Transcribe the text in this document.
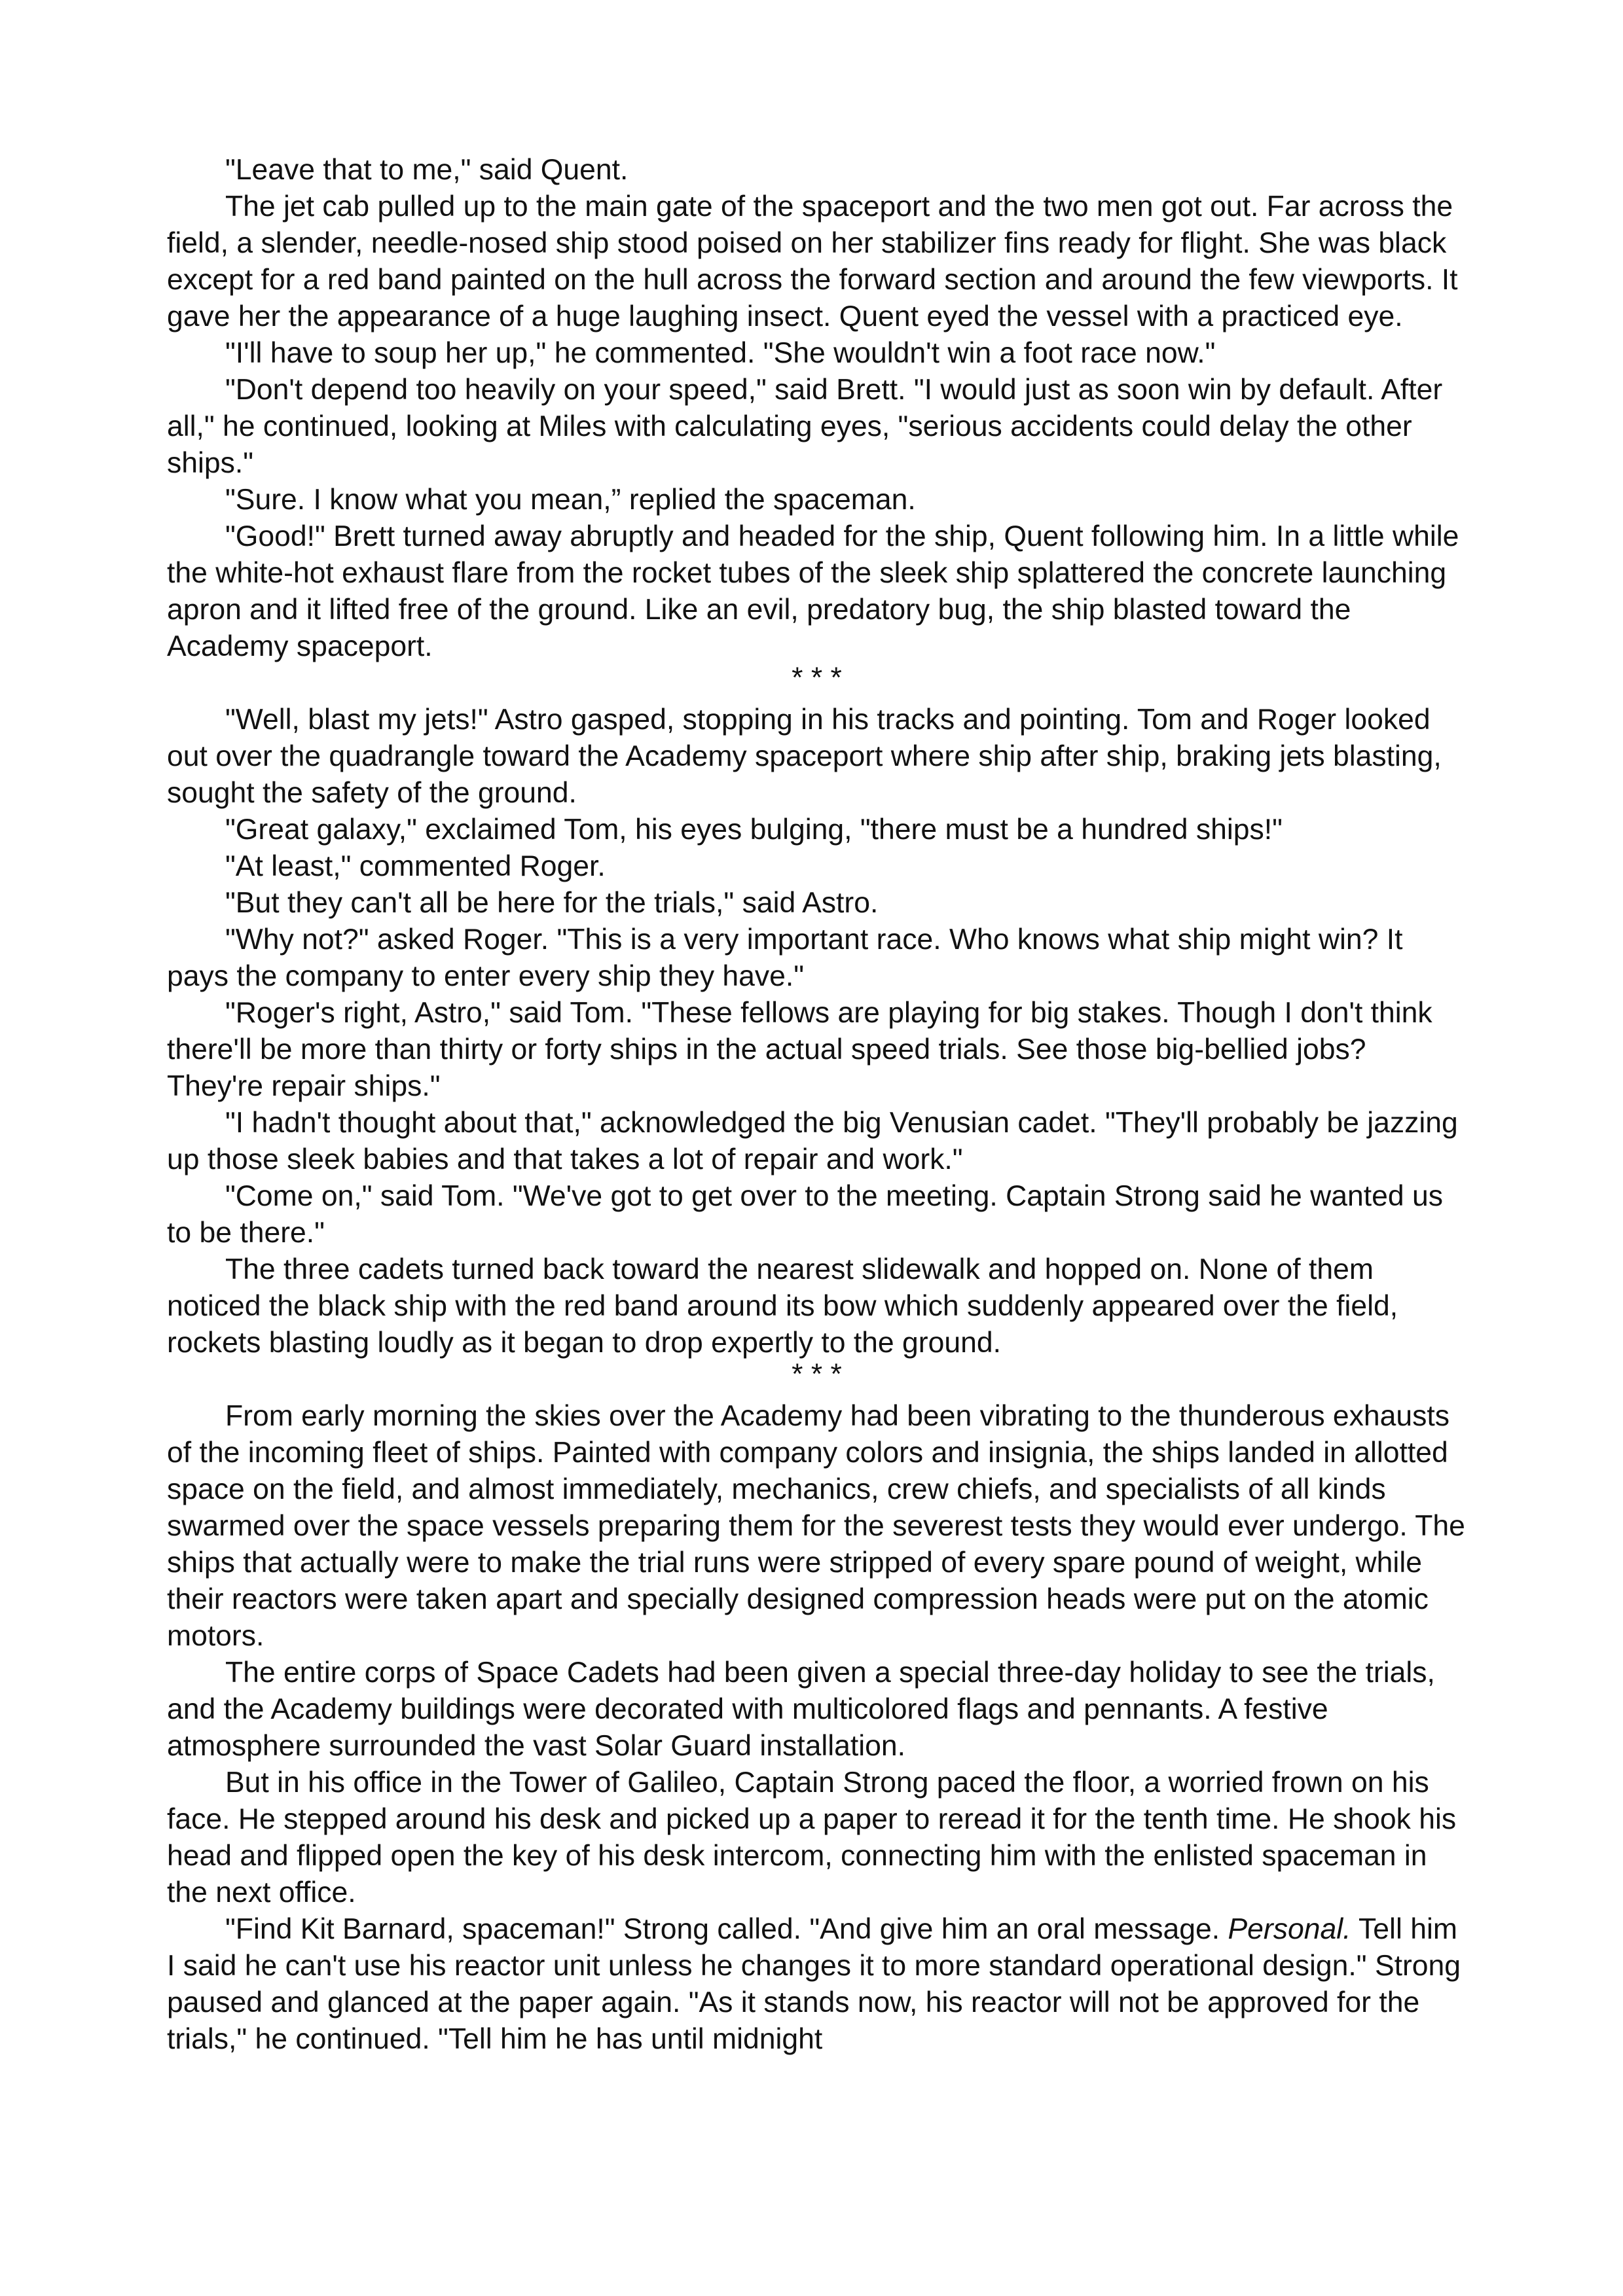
"Leave that to me," said Quent.

The jet cab pulled up to the main gate of the spaceport and the two men got out. Far across the field, a slender, needle-nosed ship stood poised on her stabilizer fins ready for flight. She was black except for a red band painted on the hull across the forward section and around the few viewports. It gave her the appearance of a huge laughing insect. Quent eyed the vessel with a practiced eye.

"I'll have to soup her up," he commented. "She wouldn't win a foot race now."

"Don't depend too heavily on your speed," said Brett. "I would just as soon win by default. After all," he continued, looking at Miles with calculating eyes, "serious accidents could delay the other ships."

"Sure. I know what you mean,” replied the spaceman.

"Good!" Brett turned away abruptly and headed for the ship, Quent following him. In a little while the white-hot exhaust flare from the rocket tubes of the sleek ship splattered the concrete launching apron and it lifted free of the ground. Like an evil, predatory bug, the ship blasted toward the Academy spaceport.

* * *

"Well, blast my jets!" Astro gasped, stopping in his tracks and pointing. Tom and Roger looked out over the quadrangle toward the Academy spaceport where ship after ship, braking jets blasting, sought the safety of the ground.

"Great galaxy," exclaimed Tom, his eyes bulging, "there must be a hundred ships!"

"At least," commented Roger.

"But they can't all be here for the trials," said Astro.

"Why not?" asked Roger. "This is a very important race. Who knows what ship might win? It pays the company to enter every ship they have."

"Roger's right, Astro," said Tom. "These fellows are playing for big stakes. Though I don't think there'll be more than thirty or forty ships in the actual speed trials. See those big-bellied jobs? They're repair ships."

"I hadn't thought about that," acknowledged the big Venusian cadet. "They'll probably be jazzing up those sleek babies and that takes a lot of repair and work."

"Come on," said Tom. "We've got to get over to the meeting. Captain Strong said he wanted us to be there."

The three cadets turned back toward the nearest slidewalk and hopped on. None of them noticed the black ship with the red band around its bow which suddenly appeared over the field, rockets blasting loudly as it began to drop expertly to the ground.

* * *

From early morning the skies over the Academy had been vibrating to the thunderous exhausts of the incoming fleet of ships. Painted with company colors and insignia, the ships landed in allotted space on the field, and almost immediately, mechanics, crew chiefs, and specialists of all kinds swarmed over the space vessels preparing them for the severest tests they would ever undergo. The ships that actually were to make the trial runs were stripped of every spare pound of weight, while their reactors were taken apart and specially designed compression heads were put on the atomic motors.

The entire corps of Space Cadets had been given a special three-day holiday to see the trials, and the Academy buildings were decorated with multicolored flags and pennants. A festive atmosphere surrounded the vast Solar Guard installation.

But in his office in the Tower of Galileo, Captain Strong paced the floor, a worried frown on his face. He stepped around his desk and picked up a paper to reread it for the tenth time. He shook his head and flipped open the key of his desk intercom, connecting him with the enlisted spaceman in the next office.

"Find Kit Barnard, spaceman!" Strong called. "And give him an oral message. Personal. Tell him I said he can't use his reactor unit unless he changes it to more standard operational design." Strong paused and glanced at the paper again. "As it stands now, his reactor will not be approved for the trials," he continued. "Tell him he has until midnight
